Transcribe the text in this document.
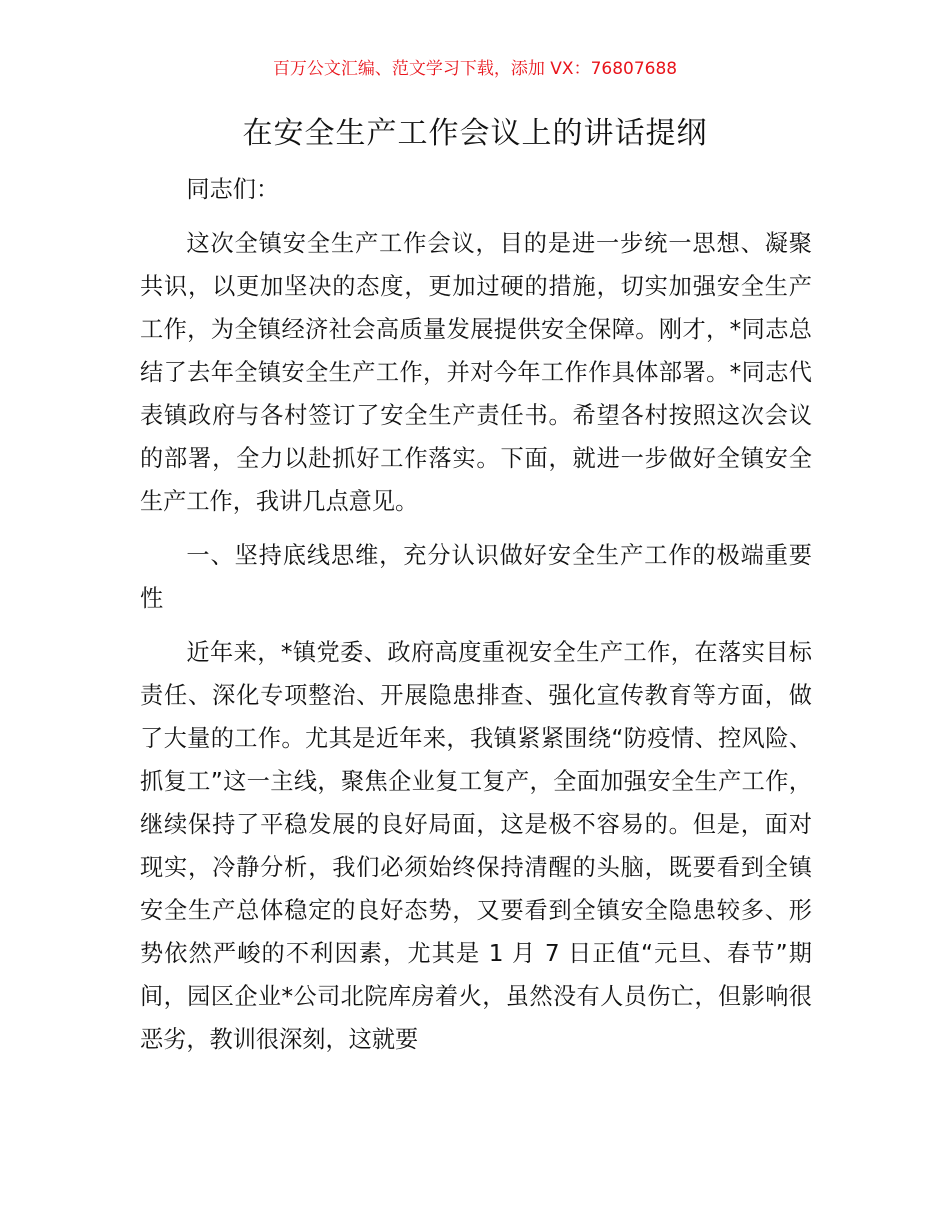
百万公文汇编、范文学习下载，添加 VX：76807688
在安全生产工作会议上的讲话提纲

同志们：

这次全镇安全生产工作会议，目的是进一步统一思想、凝聚共识，以更加坚决的态度，更加过硬的措施，切实加强安全生产工作，为全镇经济社会高质量发展提供安全保障。刚才，*同志总结了去年全镇安全生产工作，并对今年工作作具体部署。*同志代表镇政府与各村签订了安全生产责任书。希望各村按照这次会议的部署，全力以赴抓好工作落实。下面，就进一步做好全镇安全生产工作，我讲几点意见。

一、坚持底线思维，充分认识做好安全生产工作的极端重要性

近年来，*镇党委、政府高度重视安全生产工作，在落实目标责任、深化专项整治、开展隐患排查、强化宣传教育等方面，做了大量的工作。尤其是近年来，我镇紧紧围绕“防疫情、控风险、抓复工”这一主线，聚焦企业复工复产，全面加强安全生产工作，继续保持了平稳发展的良好局面，这是极不容易的。但是，面对现实，冷静分析，我们必须始终保持清醒的头脑，既要看到全镇安全生产总体稳定的良好态势，又要看到全镇安全隐患较多、形势依然严峻的不利因素，尤其是 1 月 7 日正值“元旦、春节”期间，园区企业*公司北院库房着火，虽然没有人员伤亡，但影响很恶劣，教训很深刻，这就要
